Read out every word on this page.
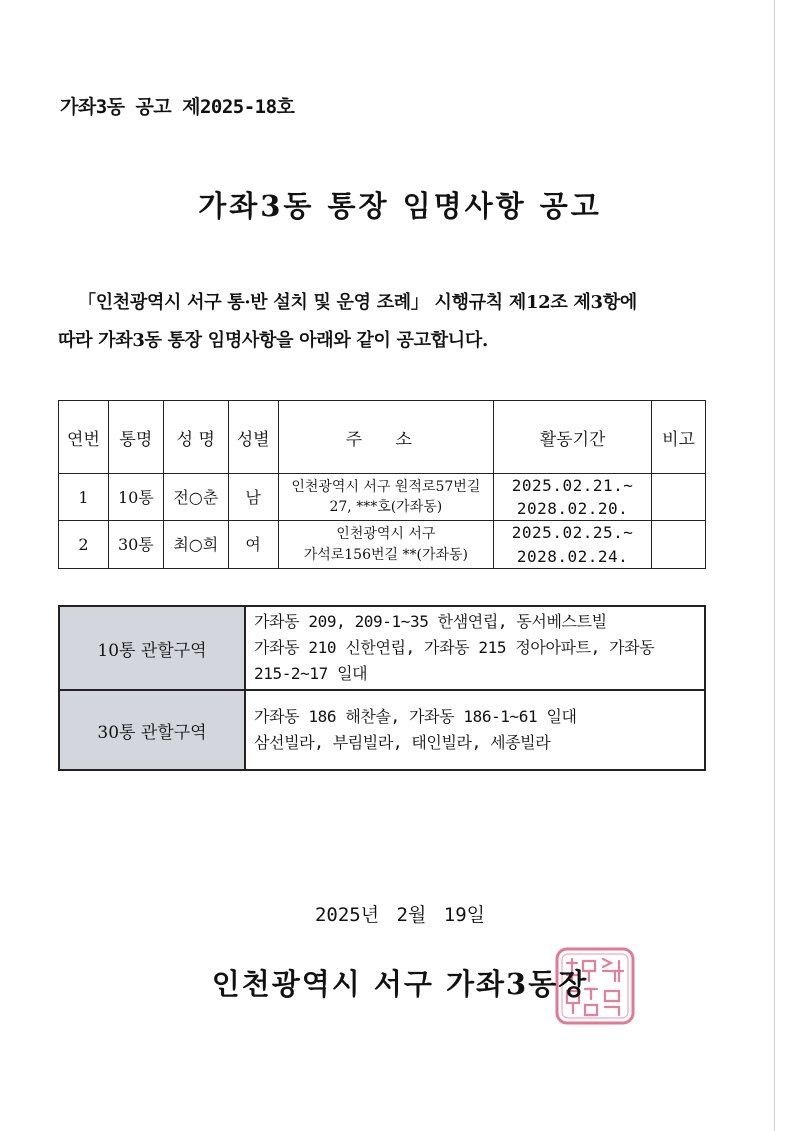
가좌3동 공고 제2025-18호
가좌3동 통장 임명사항 공고
「인천광역시 서구 통·반 설치 및 운영 조례」 시행규칙 제12조 제3항에
따라 가좌3동 통장 임명사항을 아래와 같이 공고합니다.
연번	통명	성 명	성별	주 소	활동기간	비고
1	10통	전○춘	남	인천광역시 서구 원적로57번길
27, ***호(가좌동)	2025.02.21.~
2028.02.20.	
2	30통	최○희	여	인천광역시 서구
가석로156번길 **(가좌동)	2025.02.25.~
2028.02.24.	
10통 관할구역	가좌동 209, 209-1~35 한샘연립, 동서베스트빌
가좌동 210 신한연립, 가좌동 215 정아아파트, 가좌동
215-2~17 일대

30통 관할구역	가좌동 186 해찬솔, 가좌동 186-1~61 일대
삼선빌라, 부림빌라, 태인빌라, 세종빌라
2025년 2월 19일
인천광역시 서구 가좌3동장
